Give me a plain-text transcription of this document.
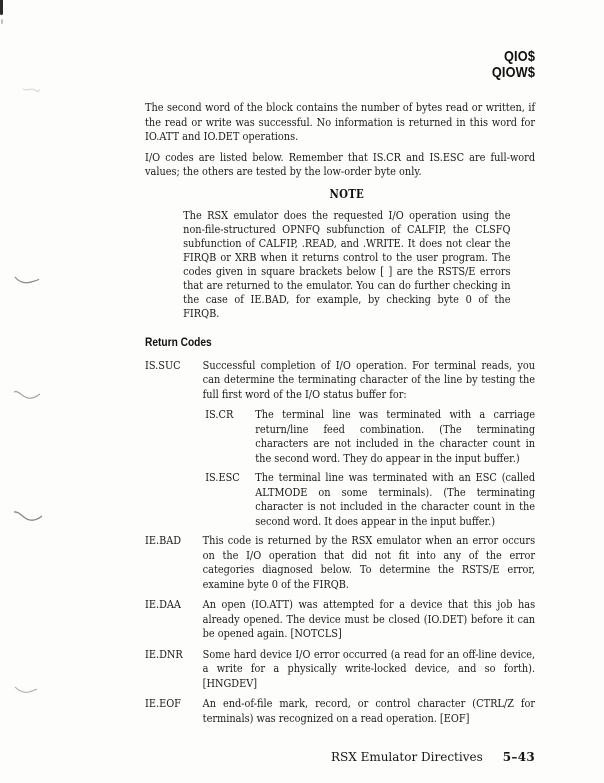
QIO$
QIOW$

The second word of the block contains the number of bytes read or written, if the read or write was successful. No information is returned in this word for IO.ATT and IO.DET operations.

I/O codes are listed below. Remember that IS.CR and IS.ESC are full-word values; the others are tested by the low-order byte only.

NOTE
The RSX emulator does the requested I/O operation using the non-file-structured OPNFQ subfunction of CALFIP, the CLSFQ subfunction of CALFIP, .READ, and .WRITE. It does not clear the FIRQB or XRB when it returns control to the user program. The codes given in square brackets below [ ] are the RSTS/E errors that are returned to the emulator. You can do further checking in the case of IE.BAD, for example, by checking byte 0 of the FIRQB.
Return Codes
IS.SUC Successful completion of I/O operation. For terminal reads, you can determine the terminating character of the line by testing the full first word of the I/O status buffer for:
IS.CR The terminal line was terminated with a carriage return/line feed combination. (The terminating characters are not included in the character count in the second word. They do appear in the input buffer.)
IS.ESC The terminal line was terminated with an ESC (called ALTMODE on some terminals). (The terminating character is not included in the character count in the second word. It does appear in the input buffer.)
IE.BAD This code is returned by the RSX emulator when an error occurs on the I/O operation that did not fit into any of the error categories diagnosed below. To determine the RSTS/E error, examine byte 0 of the FIRQB.
IE.DAA An open (IO.ATT) was attempted for a device that this job has already opened. The device must be closed (IO.DET) before it can be opened again. [NOTCLS]
IE.DNR Some hard device I/O error occurred (a read for an off-line device, a write for a physically write-locked device, and so forth). [HNGDEV]
IE.EOF An end-of-file mark, record, or control character (CTRL/Z for terminals) was recognized on a read operation. [EOF]
RSX Emulator Directives 5–43
